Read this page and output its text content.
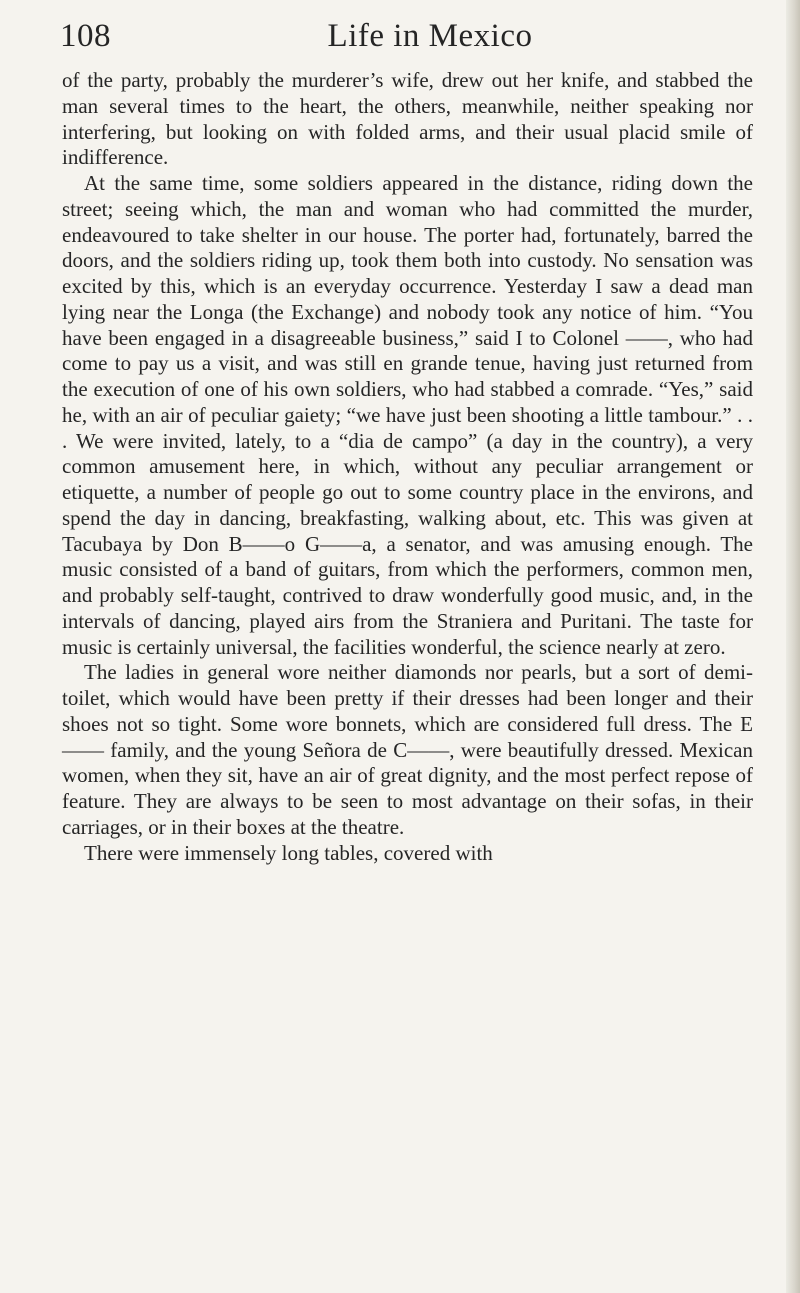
108	Life in Mexico

of the party, probably the murderer’s wife, drew out her knife, and stabbed the man several times to the heart, the others, meanwhile, neither speaking nor interfering, but looking on with folded arms, and their usual placid smile of indifference.

At the same time, some soldiers appeared in the distance, riding down the street; seeing which, the man and woman who had committed the murder, endeavoured to take shelter in our house. The porter had, fortunately, barred the doors, and the soldiers riding up, took them both into custody. No sensation was excited by this, which is an everyday occurrence. Yesterday I saw a dead man lying near the Longa (the Exchange) and nobody took any notice of him. “You have been engaged in a disagreeable business,” said I to Colonel ——, who had come to pay us a visit, and was still en grande tenue, having just returned from the execution of one of his own soldiers, who had stabbed a comrade. “Yes,” said he, with an air of peculiar gaiety; “we have just been shooting a little tambour.” . . . We were invited, lately, to a “dia de campo” (a day in the country), a very common amusement here, in which, without any peculiar arrangement or etiquette, a number of people go out to some country place in the environs, and spend the day in dancing, breakfasting, walking about, etc. This was given at Tacubaya by Don B——o G——a, a senator, and was amusing enough. The music consisted of a band of guitars, from which the performers, common men, and probably self-taught, contrived to draw wonderfully good music, and, in the intervals of dancing, played airs from the Straniera and Puritani. The taste for music is certainly universal, the facilities wonderful, the science nearly at zero.

The ladies in general wore neither diamonds nor pearls, but a sort of demi-toilet, which would have been pretty if their dresses had been longer and their shoes not so tight. Some wore bonnets, which are considered full dress. The E—— family, and the young Señora de C——, were beautifully dressed. Mexican women, when they sit, have an air of great dignity, and the most perfect repose of feature. They are always to be seen to most advantage on their sofas, in their carriages, or in their boxes at the theatre.

There were immensely long tables, covered with
